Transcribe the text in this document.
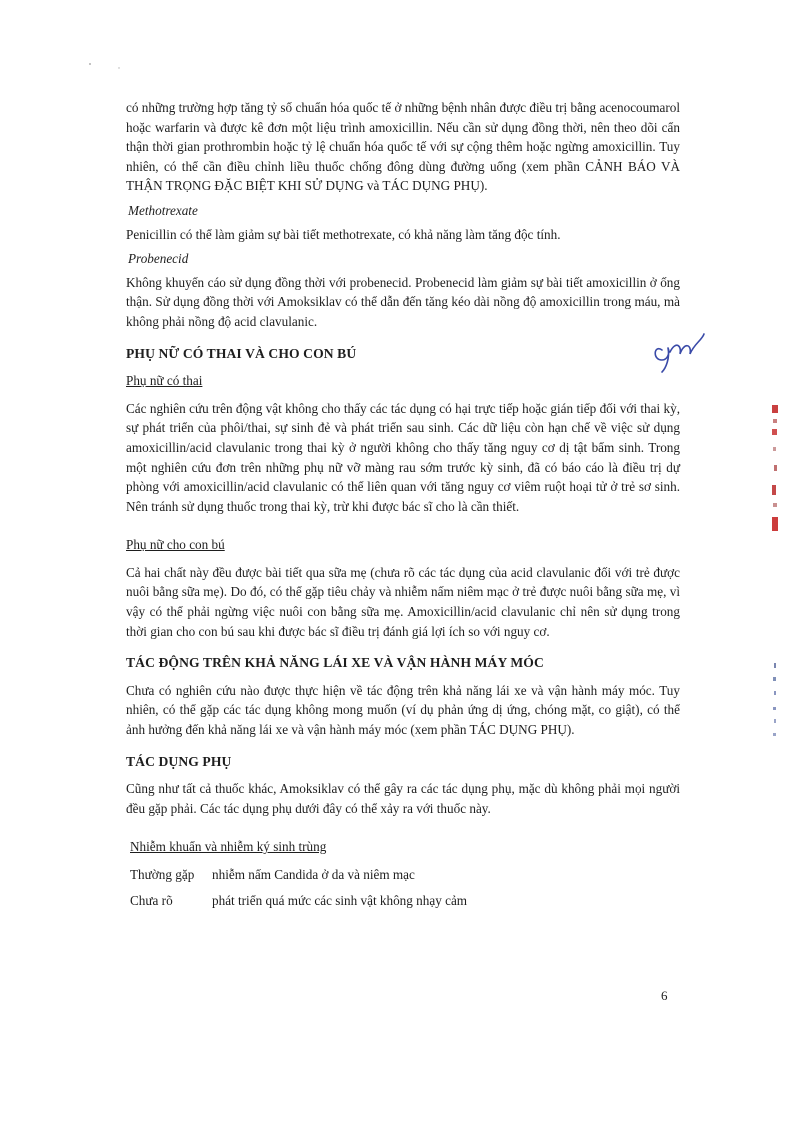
có những trường hợp tăng tỷ số chuẩn hóa quốc tế ở những bệnh nhân được điều trị bằng acenocoumarol hoặc warfarin và được kê đơn một liệu trình amoxicillin. Nếu cần sử dụng đồng thời, nên theo dõi cẩn thận thời gian prothrombin hoặc tỷ lệ chuẩn hóa quốc tế với sự cộng thêm hoặc ngừng amoxicillin. Tuy nhiên, có thể cần điều chỉnh liều thuốc chống đông dùng đường uống (xem phần CẢNH BÁO VÀ THẬN TRỌNG ĐẶC BIỆT KHI SỬ DỤNG và TÁC DỤNG PHỤ).

Methotrexate

Penicillin có thể làm giảm sự bài tiết methotrexate, có khả năng làm tăng độc tính.

Probenecid

Không khuyến cáo sử dụng đồng thời với probenecid. Probenecid làm giảm sự bài tiết amoxicillin ở ống thận. Sử dụng đồng thời với Amoksiklav có thể dẫn đến tăng kéo dài nồng độ amoxicillin trong máu, mà không phải nồng độ acid clavulanic.

PHỤ NỮ CÓ THAI VÀ CHO CON BÚ
Phụ nữ có thai

Các nghiên cứu trên động vật không cho thấy các tác dụng có hại trực tiếp hoặc gián tiếp đối với thai kỳ, sự phát triển của phôi/thai, sự sinh đẻ và phát triển sau sinh. Các dữ liệu còn hạn chế về việc sử dụng amoxicillin/acid clavulanic trong thai kỳ ở người không cho thấy tăng nguy cơ dị tật bẩm sinh. Trong một nghiên cứu đơn trên những phụ nữ vỡ màng rau sớm trước kỳ sinh, đã có báo cáo là điều trị dự phòng với amoxicillin/acid clavulanic có thể liên quan với tăng nguy cơ viêm ruột hoại tử ở trẻ sơ sinh. Nên tránh sử dụng thuốc trong thai kỳ, trừ khi được bác sĩ cho là cần thiết.

Phụ nữ cho con bú

Cả hai chất này đều được bài tiết qua sữa mẹ (chưa rõ các tác dụng của acid clavulanic đối với trẻ được nuôi bằng sữa mẹ). Do đó, có thể gặp tiêu chảy và nhiễm nấm niêm mạc ở trẻ được nuôi bằng sữa mẹ, vì vậy có thể phải ngừng việc nuôi con bằng sữa mẹ. Amoxicillin/acid clavulanic chỉ nên sử dụng trong thời gian cho con bú sau khi được bác sĩ điều trị đánh giá lợi ích so với nguy cơ.

TÁC ĐỘNG TRÊN KHẢ NĂNG LÁI XE VÀ VẬN HÀNH MÁY MÓC

Chưa có nghiên cứu nào được thực hiện về tác động trên khả năng lái xe và vận hành máy móc. Tuy nhiên, có thể gặp các tác dụng không mong muốn (ví dụ phản ứng dị ứng, chóng mặt, co giật), có thể ảnh hưởng đến khả năng lái xe và vận hành máy móc (xem phần TÁC DỤNG PHỤ).

TÁC DỤNG PHỤ

Cũng như tất cả thuốc khác, Amoksiklav có thể gây ra các tác dụng phụ, mặc dù không phải mọi người đều gặp phải. Các tác dụng phụ dưới đây có thể xảy ra với thuốc này.

Nhiễm khuẩn và nhiễm ký sinh trùng
Thường gặp	nhiễm nấm Candida ở da và niêm mạc
Chưa rõ	phát triển quá mức các sinh vật không nhạy cảm
6
